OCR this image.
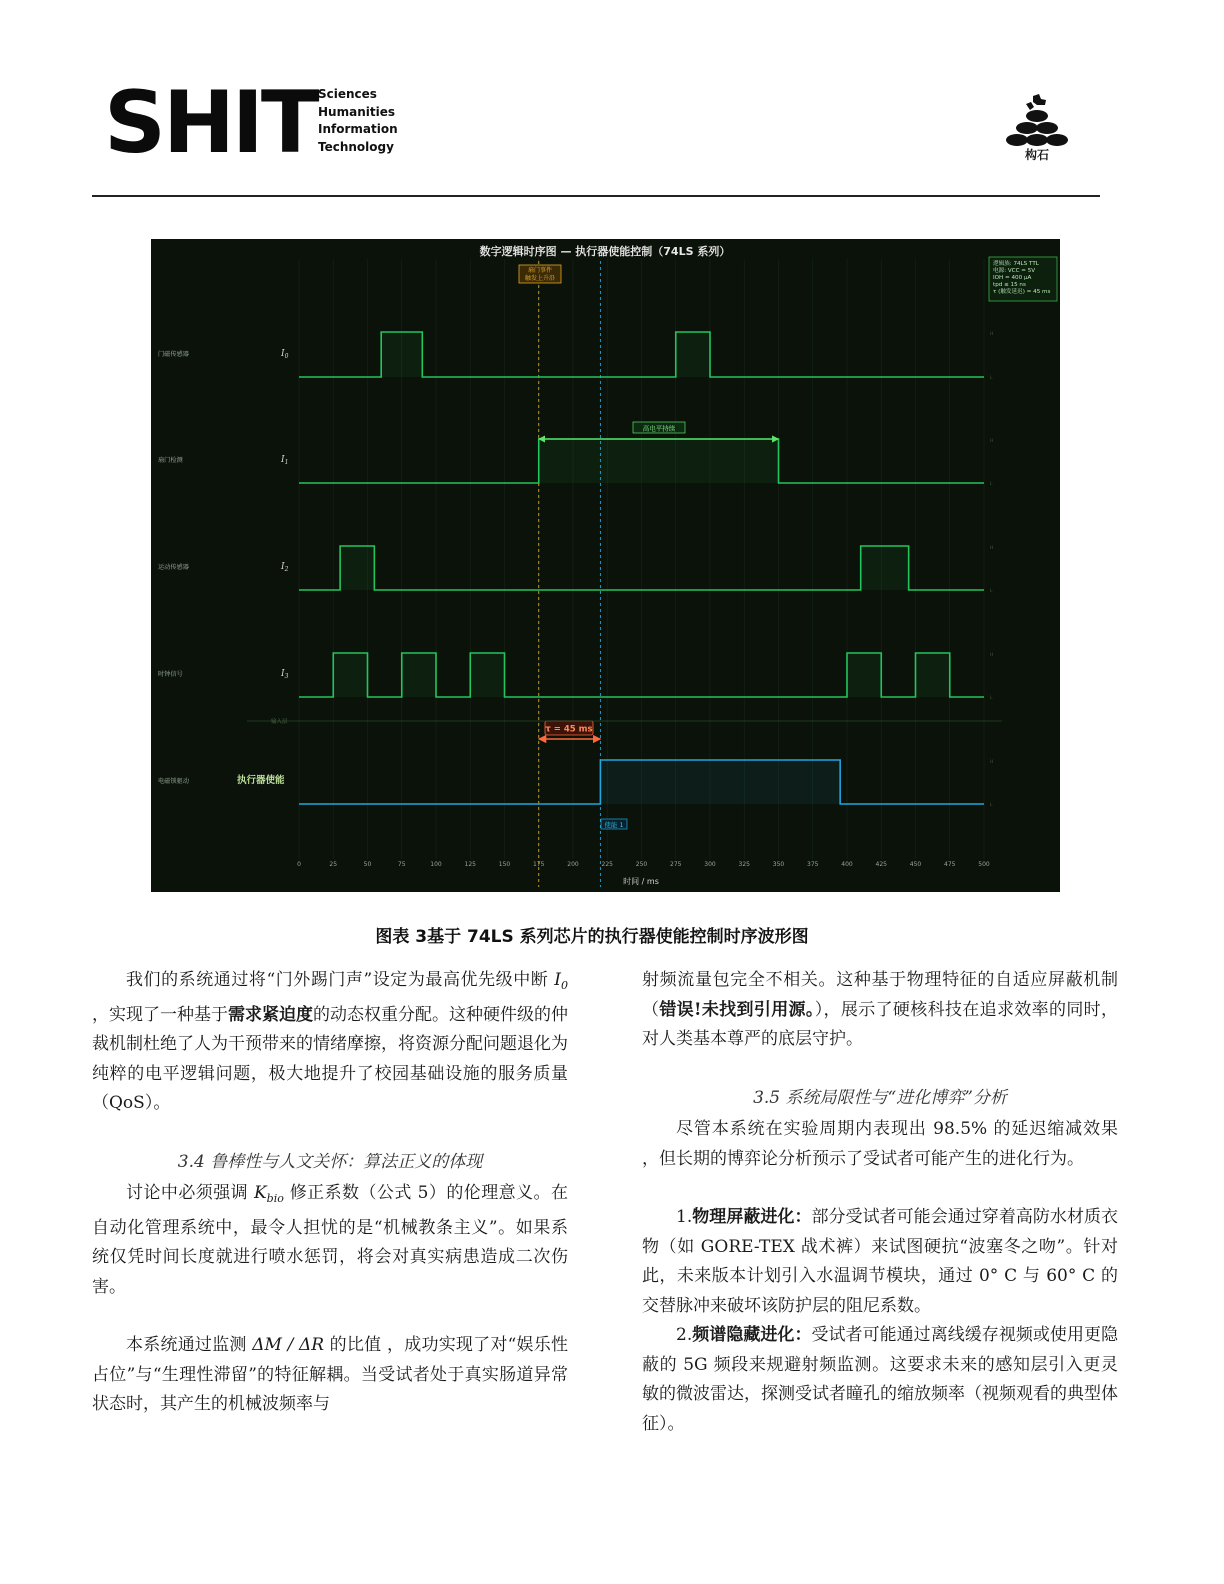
SHIT Sciences
Humanities
Information
Technology
构石
0	25	50	75	100	125	150	175	200	225	250	275	300	325	350	375	400	425	450	475	500
门磁传感器	$I_0$
H
L
扇门检测	$I_1$
H
L
运动传感器	$I_2$
H
L
时钟信号	$I_3$
H
L
电磁锁驱动	执行器使能
H
L
数字逻辑时序图 — 执行器使能控制（74LS 系列）
扇门事件
触发上升沿
逻辑族: 74LS TTL
电源: VCC = 5V
IOH = 400 μA
tpd ≤ 15 ns
τ (触发延迟) = 45 ms
高电平持续
τ = 45 ms
输入层
使能 1
时间 / ms
图表 3基于 74LS 系列芯片的执行器使能控制时序波形图

我们的系统通过将“门外踢门声”设定为最高优先级中断 $I_0$ ，实现了一种基于需求紧迫度的动态权重分配。这种硬件级的仲裁机制杜绝了人为干预带来的情绪摩擦，将资源分配问题退化为纯粹的电平逻辑问题，极大地提升了校园基础设施的服务质量（QoS）。

3.4 鲁棒性与人文关怀：算法正义的体现

讨论中必须强调 $K_{bio}$ 修正系数（公式 5）的伦理意义。在自动化管理系统中，最令人担忧的是“机械教条主义”。如果系统仅凭时间长度就进行喷水惩罚，将会对真实病患造成二次伤害。

本系统通过监测 ΔM / ΔR 的比值 ，成功实现了对“娱乐性占位”与“生理性滞留”的特征解耦。当受试者处于真实肠道异常状态时，其产生的机械波频率与

射频流量包完全不相关。这种基于物理特征的自适应屏蔽机制（错误!未找到引用源。），展示了硬核科技在追求效率的同时，对人类基本尊严的底层守护。

3.5 系统局限性与“进化博弈”分析

尽管本系统在实验周期内表现出 98.5% 的延迟缩减效果 ，但长期的博弈论分析预示了受试者可能产生的进化行为。

1.物理屏蔽进化：部分受试者可能会通过穿着高防水材质衣物（如 GORE-TEX 战术裤）来试图硬抗“波塞冬之吻”。针对此，未来版本计划引入水温调节模块，通过 0° C 与 60° C 的交替脉冲来破坏该防护层的阻尼系数。

2.频谱隐藏进化：受试者可能通过离线缓存视频或使用更隐蔽的 5G 频段来规避射频监测。这要求未来的感知层引入更灵敏的微波雷达，探测受试者瞳孔的缩放频率（视频观看的典型体征）。
